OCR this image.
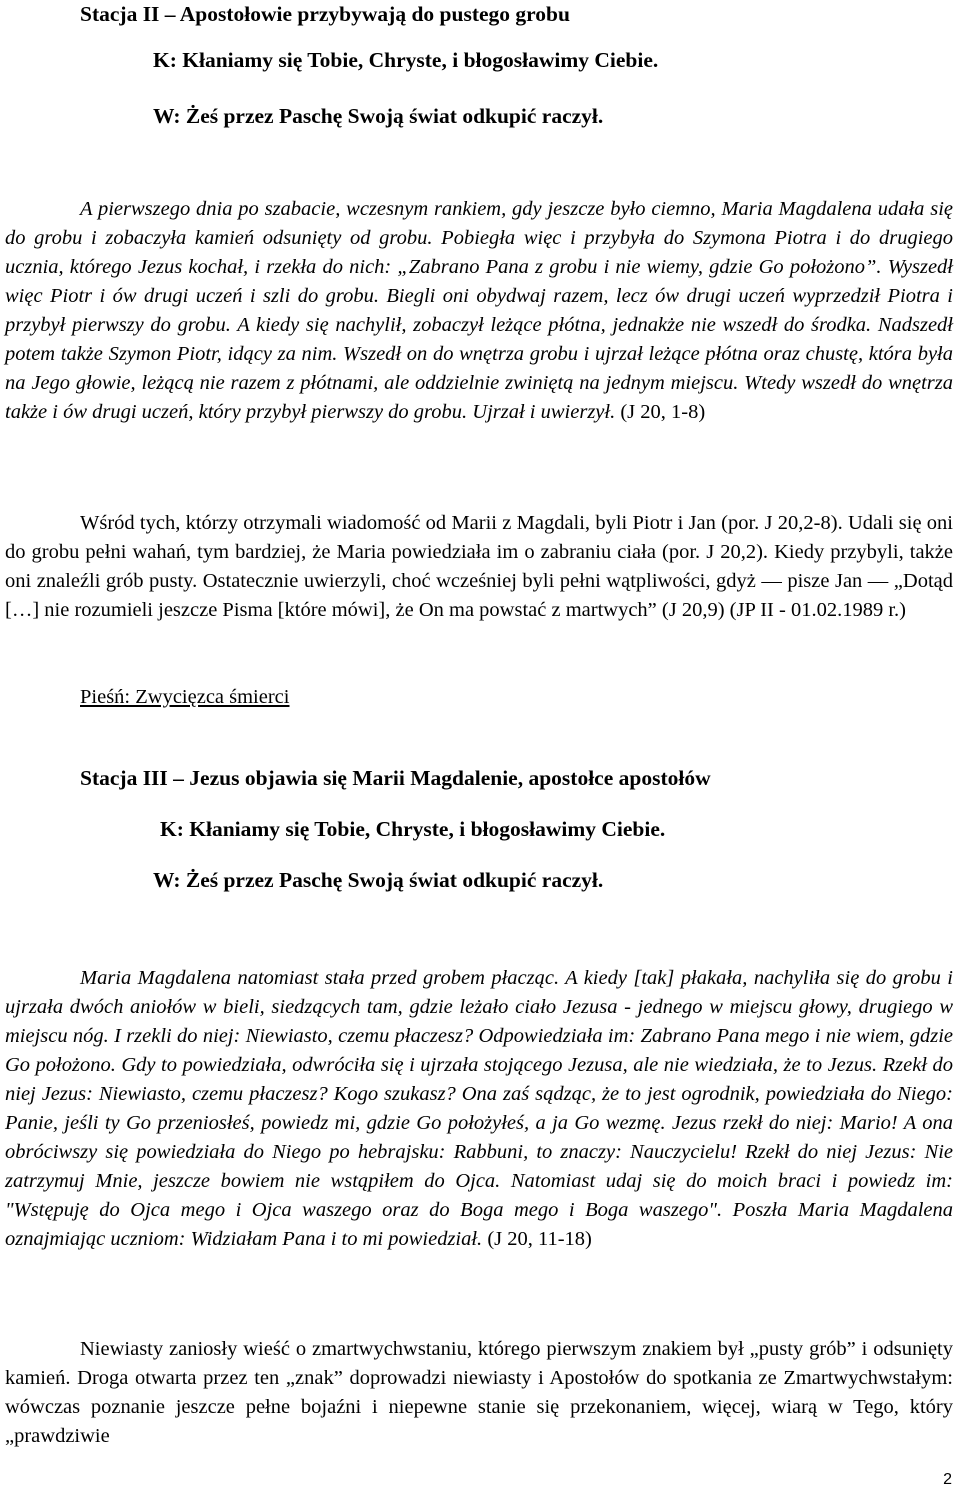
Stacja II – Apostołowie przybywają do pustego grobu
K: Kłaniamy się Tobie, Chryste, i błogosławimy Ciebie.
W: Żeś przez Paschę Swoją świat odkupić raczył.

A pierwszego dnia po szabacie, wczesnym rankiem, gdy jeszcze było ciemno, Maria Magdalena udała się do grobu i zobaczyła kamień odsunięty od grobu. Pobiegła więc i przybyła do Szymona Piotra i do drugiego ucznia, którego Jezus kochał, i rzekła do nich: „Zabrano Pana z grobu i nie wiemy, gdzie Go położono”. Wyszedł więc Piotr i ów drugi uczeń i szli do grobu. Biegli oni obydwaj razem, lecz ów drugi uczeń wyprzedził Piotra i przybył pierwszy do grobu. A kiedy się nachylił, zobaczył leżące płótna, jednakże nie wszedł do środka. Nadszedł potem także Szymon Piotr, idący za nim. Wszedł on do wnętrza grobu i ujrzał leżące płótna oraz chustę, która była na Jego głowie, leżącą nie razem z płótnami, ale oddzielnie zwiniętą na jednym miejscu. Wtedy wszedł do wnętrza także i ów drugi uczeń, który przybył pierwszy do grobu. Ujrzał i uwierzył. (J 20, 1-8)

Wśród tych, którzy otrzymali wiadomość od Marii z Magdali, byli Piotr i Jan (por. J 20,2-8). Udali się oni do grobu pełni wahań, tym bardziej, że Maria powiedziała im o zabraniu ciała (por. J 20,2). Kiedy przybyli, także oni znaleźli grób pusty. Ostatecznie uwierzyli, choć wcześniej byli pełni wątpliwości, gdyż — pisze Jan — „Dotąd […] nie rozumieli jeszcze Pisma [które mówi], że On ma powstać z martwych” (J 20,9) (JP II - 01.02.1989 r.)

Pieśń: Zwycięzca śmierci
Stacja III – Jezus objawia się Marii Magdalenie, apostołce apostołów
K: Kłaniamy się Tobie, Chryste, i błogosławimy Ciebie.
W: Żeś przez Paschę Swoją świat odkupić raczył.

Maria Magdalena natomiast stała przed grobem płacząc. A kiedy [tak] płakała, nachyliła się do grobu i ujrzała dwóch aniołów w bieli, siedzących tam, gdzie leżało ciało Jezusa - jednego w miejscu głowy, drugiego w miejscu nóg. I rzekli do niej: Niewiasto, czemu płaczesz? Odpowiedziała im: Zabrano Pana mego i nie wiem, gdzie Go położono. Gdy to powiedziała, odwróciła się i ujrzała stojącego Jezusa, ale nie wiedziała, że to Jezus. Rzekł do niej Jezus: Niewiasto, czemu płaczesz? Kogo szukasz? Ona zaś sądząc, że to jest ogrodnik, powiedziała do Niego: Panie, jeśli ty Go przeniosłeś, powiedz mi, gdzie Go położyłeś, a ja Go wezmę. Jezus rzekł do niej: Mario! A ona obróciwszy się powiedziała do Niego po hebrajsku: Rabbuni, to znaczy: Nauczycielu! Rzekł do niej Jezus: Nie zatrzymuj Mnie, jeszcze bowiem nie wstąpiłem do Ojca. Natomiast udaj się do moich braci i powiedz im: "Wstępuję do Ojca mego i Ojca waszego oraz do Boga mego i Boga waszego". Poszła Maria Magdalena oznajmiając uczniom: Widziałam Pana i to mi powiedział. (J 20, 11-18)

Niewiasty zaniosły wieść o zmartwychwstaniu, którego pierwszym znakiem był „pusty grób” i odsunięty kamień. Droga otwarta przez ten „znak” doprowadzi niewiasty i Apostołów do spotkania ze Zmartwychwstałym: wówczas poznanie jeszcze pełne bojaźni i niepewne stanie się przekonaniem, więcej, wiarą w Tego, który „prawdziwie

2
